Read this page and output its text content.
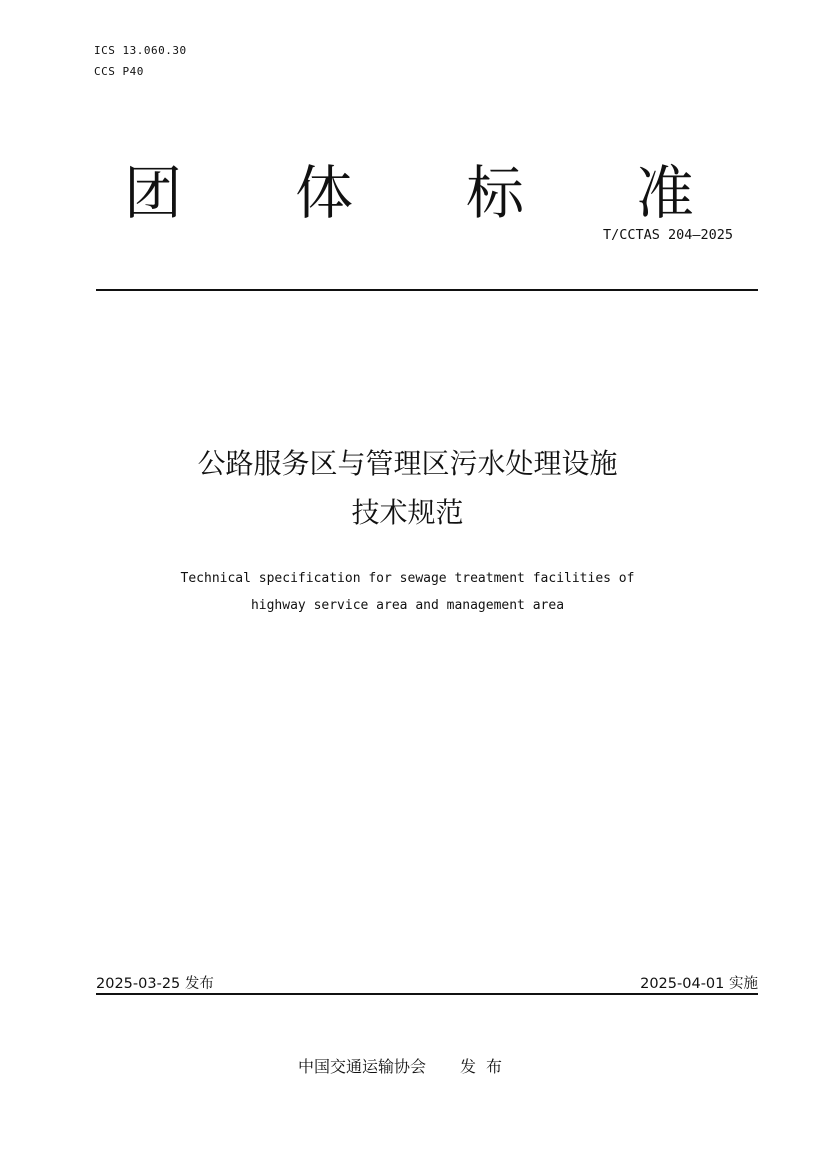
ICS 13.060.30
CCS P40
团 体 标 准
T/CCTAS 204—2025
公路服务区与管理区污水处理设施
技术规范
Technical specification for sewage treatment facilities of
highway service area and management area
2025-03-25 发布	2025-04-01 实施
中国交通运输协会 发布
